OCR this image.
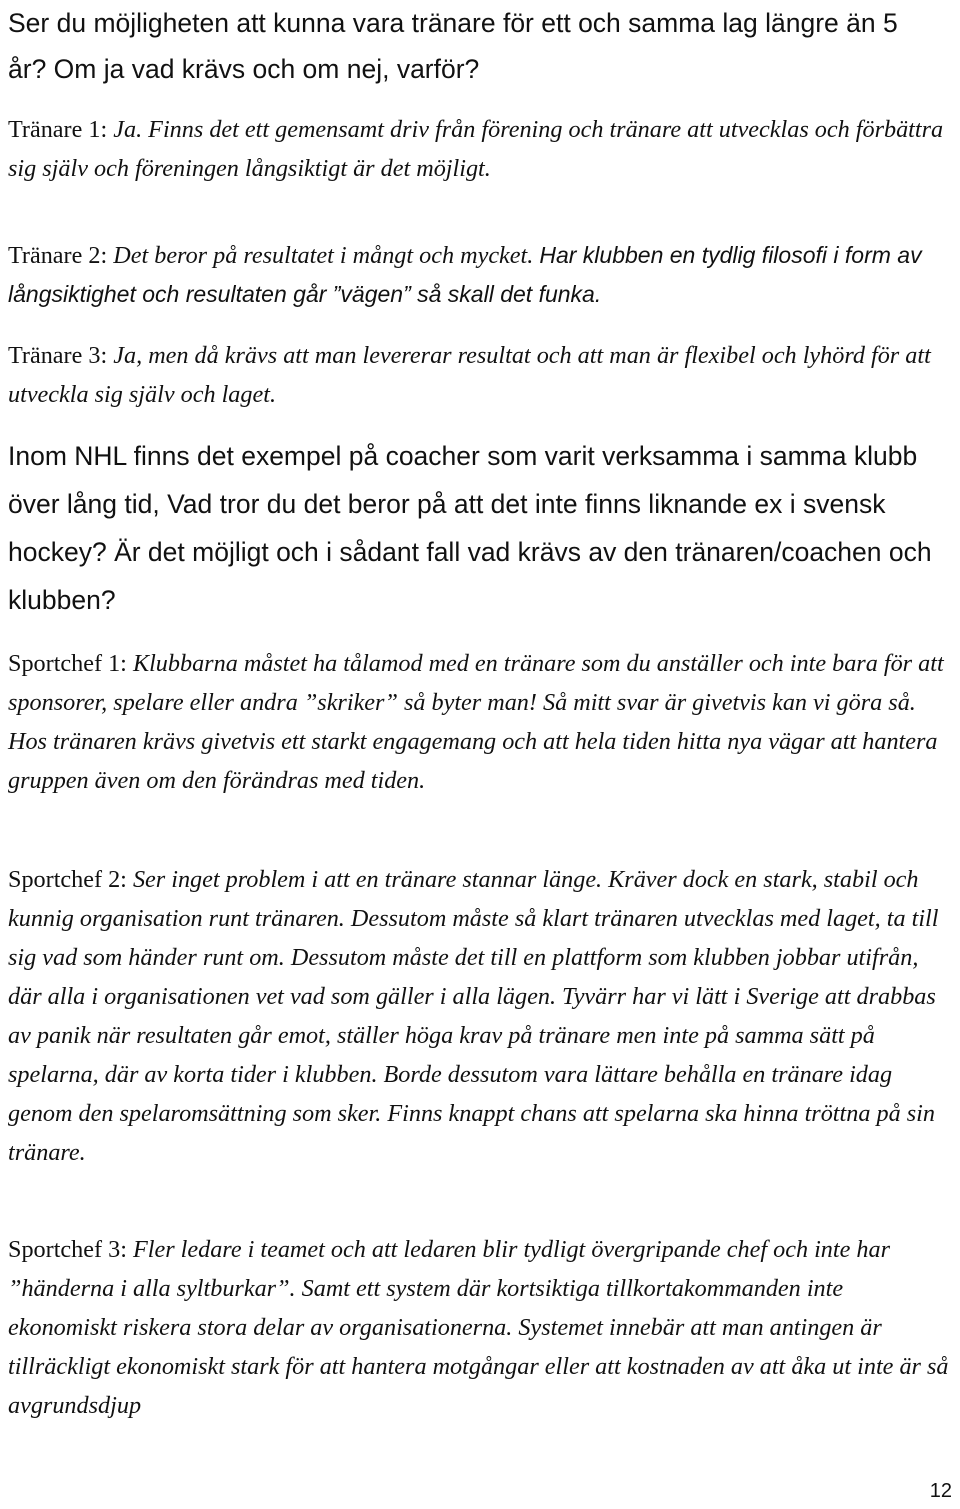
Ser du möjligheten att kunna vara tränare för ett och samma lag längre än 5 år? Om ja vad krävs och om nej, varför?

Tränare 1: Ja. Finns det ett gemensamt driv från förening och tränare att utvecklas och förbättra sig själv och föreningen långsiktigt är det möjligt.

Tränare 2: Det beror på resultatet i mångt och mycket. Har klubben en tydlig filosofi i form av långsiktighet och resultaten går ”vägen” så skall det funka.

Tränare 3: Ja, men då krävs att man levererar resultat och att man är flexibel och lyhörd för att utveckla sig själv och laget.

Inom NHL finns det exempel på coacher som varit verksamma i samma klubb över lång tid, Vad tror du det beror på att det inte finns liknande ex i svensk hockey? Är det möjligt och i sådant fall vad krävs av den tränaren/coachen och klubben?

Sportchef 1: Klubbarna måstet ha tålamod med en tränare som du anställer och inte bara för att sponsorer, spelare eller andra ”skriker” så byter man! Så mitt svar är givetvis kan vi göra så. Hos tränaren krävs givetvis ett starkt engagemang och att hela tiden hitta nya vägar att hantera gruppen även om den förändras med tiden.

Sportchef 2: Ser inget problem i att en tränare stannar länge. Kräver dock en stark, stabil och kunnig organisation runt tränaren. Dessutom måste så klart tränaren utvecklas med laget, ta till sig vad som händer runt om. Dessutom måste det till en plattform som klubben jobbar utifrån, där alla i organisationen vet vad som gäller i alla lägen. Tyvärr har vi lätt i Sverige att drabbas av panik när resultaten går emot, ställer höga krav på tränare men inte på samma sätt på spelarna, där av korta tider i klubben. Borde dessutom vara lättare behålla en tränare idag genom den spelaromsättning som sker. Finns knappt chans att spelarna ska hinna tröttna på sin tränare.

Sportchef 3: Fler ledare i teamet och att ledaren blir tydligt övergripande chef och inte har ”händerna i alla syltburkar”. Samt ett system där kortsiktiga tillkortakommanden inte ekonomiskt riskera stora delar av organisationerna. Systemet innebär att man antingen är tillräckligt ekonomiskt stark för att hantera motgångar eller att kostnaden av att åka ut inte är så avgrundsdjup

12
